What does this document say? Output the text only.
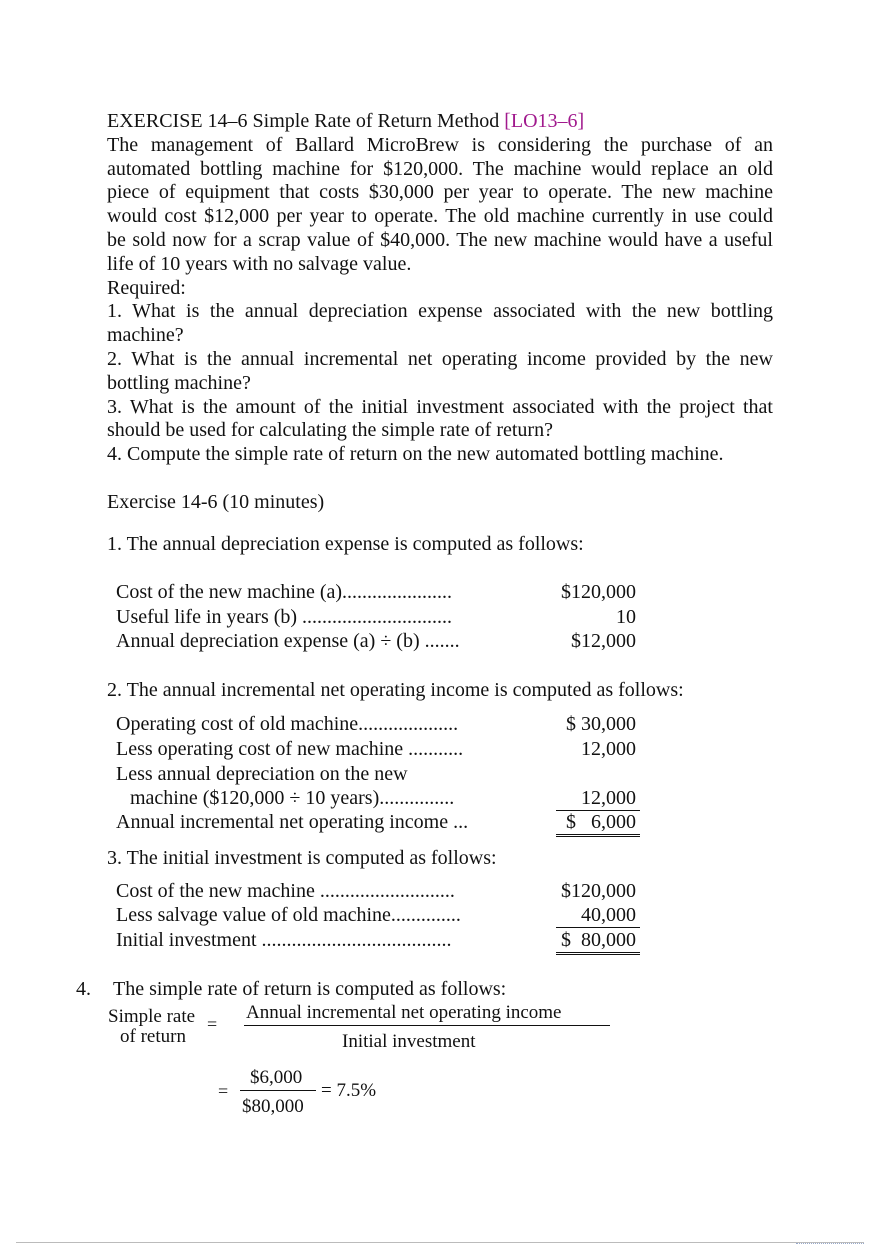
EXERCISE 14–6 Simple Rate of Return Method [LO13–6]

The management of Ballard MicroBrew is considering the purchase of an

automated bottling machine for $120,000. The machine would replace an old

piece of equipment that costs $30,000 per year to operate. The new machine

would cost $12,000 per year to operate. The old machine currently in use could

be sold now for a scrap value of $40,000. The new machine would have a useful

life of 10 years with no salvage value.

Required:

1. What is the annual depreciation expense associated with the new bottling

machine?

2. What is the annual incremental net operating income provided by the new

bottling machine?

3. What is the amount of the initial investment associated with the project that

should be used for calculating the simple rate of return?

4. Compute the simple rate of return on the new automated bottling machine.

Exercise 14-6 (10 minutes)
1. The annual depreciation expense is computed as follows:
Cost of the new machine (a)......................	$120,000
Useful life in years (b) ..............................	10
Annual depreciation expense (a) ÷ (b) .......	$12,000
2. The annual incremental net operating income is computed as follows:
Operating cost of old machine....................	$ 30,000
Less operating cost of new machine ...........	12,000
Less annual depreciation on the new
machine ($120,000 ÷ 10 years)...............	12,000
Annual incremental net operating income ...	$   6,000
3. The initial investment is computed as follows:
Cost of the new machine ...........................	$120,000
Less salvage value of old machine..............	40,000
Initial investment ......................................	$  80,000
4. The simple rate of return is computed as follows:
Simple rate
of return
=
Annual incremental net operating income
Initial investment
=
$6,000
$80,000
= 7.5%
